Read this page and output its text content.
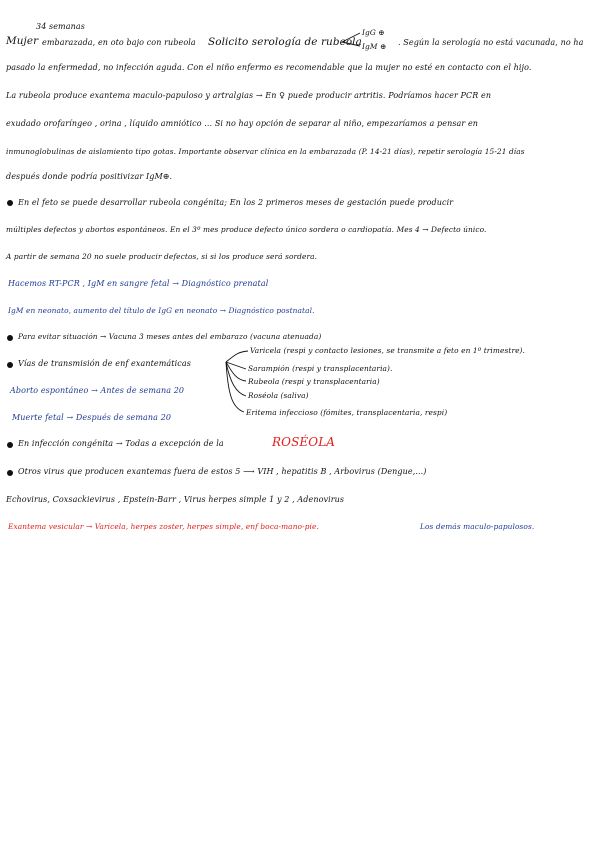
34 semanas
Mujer embarazada, en oto bajo con rubeola Solicito serología de rubeola
IgG ⊕
IgM ⊕ . Según la serología no está vacunada, no ha
pasado la enfermedad, no infección aguda. Con el niño enfermo es recomendable que la mujer no esté en contacto con el hijo.
La rubeola produce exantema maculo-papuloso y artralgias → En ♀ puede producir artritis. Podríamos hacer PCR en
exudado orofaríngeo , orina , líquido amniótico ... Si no hay opción de separar al niño, empezaríamos a pensar en
inmunoglobulinas de aislamiento tipo gotas. Importante observar clínica en la embarazada (P. 14-21 días), repetir serología 15-21 días
después donde podría positivizar IgM⊕.
En el feto se puede desarrollar rubeola congénita; En los 2 primeros meses de gestación puede producir
múltiples defectos y abortos espontáneos. En el 3º mes produce defecto único sordera o cardiopatía. Mes 4 → Defecto único.
A partir de semana 20 no suele producir defectos, si si los produce será sordera.
Hacemos RT-PCR , IgM en sangre fetal → Diagnóstico prenatal
IgM en neonato, aumento del título de IgG en neonato → Diagnóstico postnatal.
Para evitar situación → Vacuna 3 meses antes del embarazo (vacuna atenuada)
Vías de transmisión de enf exantemáticas
Varicela (respi y contacto lesiones, se transmite a feto en 1º trimestre).
Sarampión (respi y transplacentaria).
Rubeola (respi y transplacentaria)
Roséola (saliva)
Eritema infeccioso (fómites, transplacentaria, respi)
Aborto espontáneo → Antes de semana 20
Muerte fetal → Después de semana 20
En infección congénita → Todas a excepción de la	ROSÉOLA
Otros virus que producen exantemas fuera de estos 5 ⟶ VIH , hepatitis B , Arbovirus (Dengue,...)
Echovirus, Coxsackievirus , Epstein-Barr , Virus herpes simple 1 y 2 , Adenovirus
Exantema vesicular → Varicela, herpes zoster, herpes simple, enf boca-mano-pie.	Los demás maculo-papulosos.
